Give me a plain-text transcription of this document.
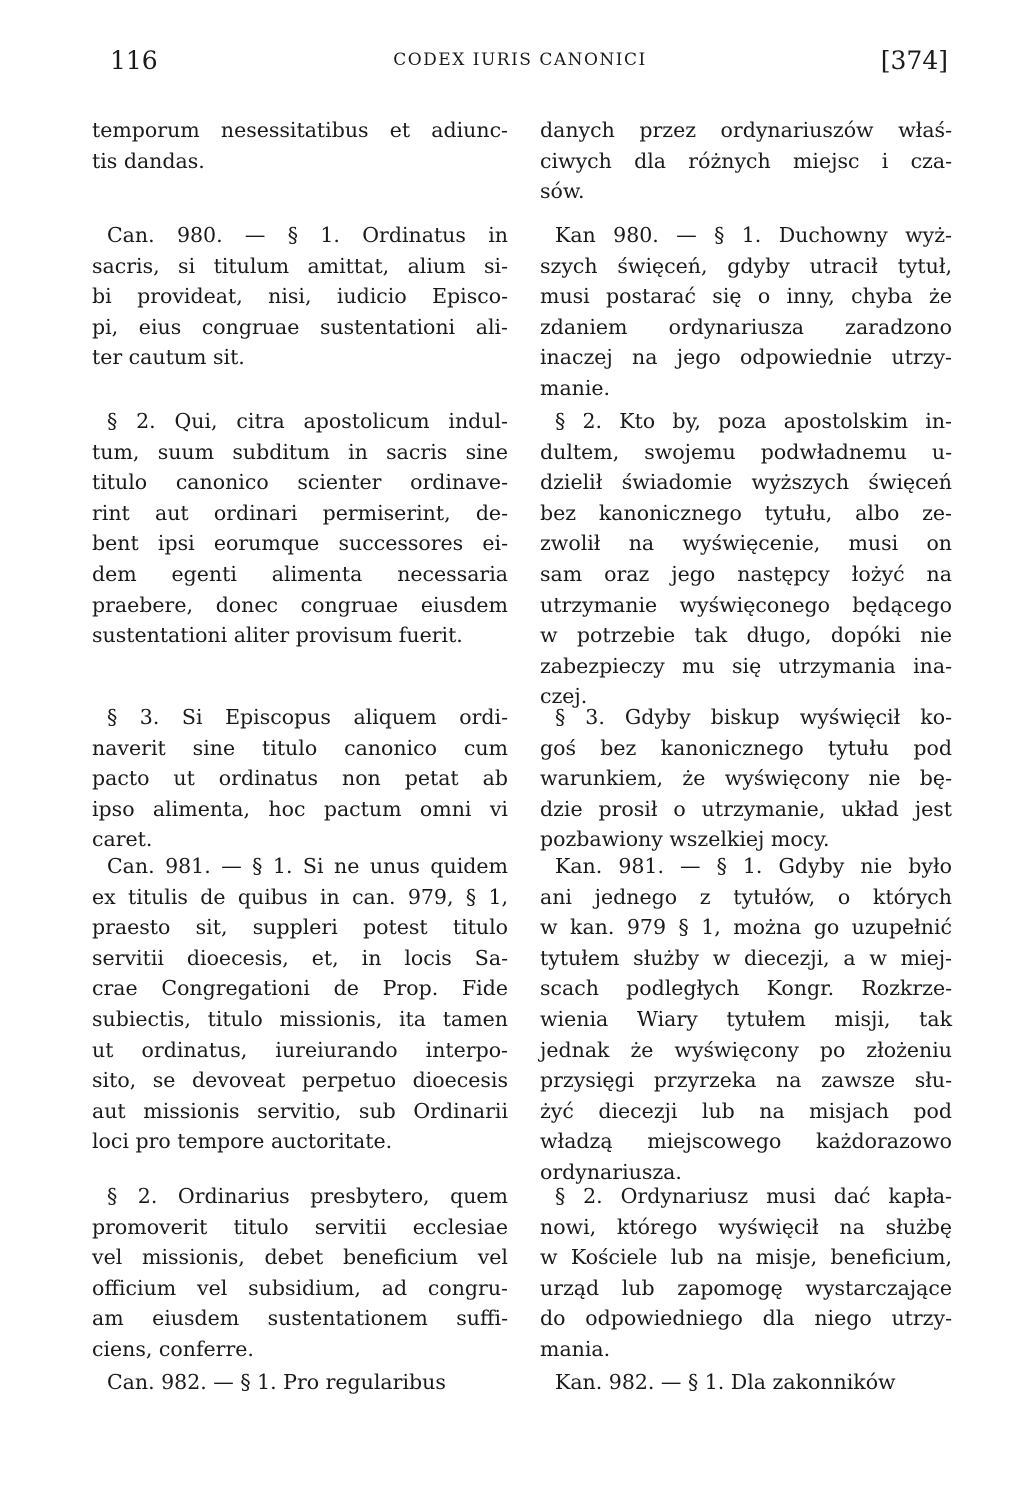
116	CODEX IURIS CANONICI	[374]
temporum nesessitatibus et adiunc-
tis dandas.
Can. 980. — § 1. Ordinatus in
sacris, si titulum amittat, alium si-
bi provideat, nisi, iudicio Episco-
pi, eius congruae sustentationi ali-
ter cautum sit.
§ 2. Qui, citra apostolicum indul-
tum, suum subditum in sacris sine
titulo canonico scienter ordinave-
rint aut ordinari permiserint, de-
bent ipsi eorumque successores ei-
dem egenti alimenta necessaria
praebere, donec congruae eiusdem
sustentationi aliter provisum fuerit.
§ 3. Si Episcopus aliquem ordi-
naverit sine titulo canonico cum
pacto ut ordinatus non petat ab
ipso alimenta, hoc pactum omni vi
caret.
Can. 981. — § 1. Si ne unus quidem
ex titulis de quibus in can. 979, § 1,
praesto sit, suppleri potest titulo
servitii dioecesis, et, in locis Sa-
crae Congregationi de Prop. Fide
subiectis, titulo missionis, ita tamen
ut ordinatus, iureiurando interpo-
sito, se devoveat perpetuo dioecesis
aut missionis servitio, sub Ordinarii
loci pro tempore auctoritate.
§ 2. Ordinarius presbytero, quem
promoverit titulo servitii ecclesiae
vel missionis, debet beneficium vel
officium vel subsidium, ad congru-
am eiusdem sustentationem suffi-
ciens, conferre.
Can. 982. — § 1. Pro regularibus
danych przez ordynariuszów właś-
ciwych dla różnych miejsc i cza-
sów.
Kan 980. — § 1. Duchowny wyż-
szych święceń, gdyby utracił tytuł,
musi postarać się o inny, chyba że
zdaniem ordynariusza zaradzono
inaczej na jego odpowiednie utrzy-
manie.
§ 2. Kto by, poza apostolskim in-
dultem, swojemu podwładnemu u-
dzielił świadomie wyższych święceń
bez kanonicznego tytułu, albo ze-
zwolił na wyświęcenie, musi on
sam oraz jego następcy łożyć na
utrzymanie wyświęconego będącego
w potrzebie tak długo, dopóki nie
zabezpieczy mu się utrzymania ina-
czej.
§ 3. Gdyby biskup wyświęcił ko-
goś bez kanonicznego tytułu pod
warunkiem, że wyświęcony nie bę-
dzie prosił o utrzymanie, układ jest
pozbawiony wszelkiej mocy.
Kan. 981. — § 1. Gdyby nie było
ani jednego z tytułów, o których
w kan. 979 § 1, można go uzupełnić
tytułem służby w diecezji, a w miej-
scach podległych Kongr. Rozkrze-
wienia Wiary tytułem misji, tak
jednak że wyświęcony po złożeniu
przysięgi przyrzeka na zawsze słu-
żyć diecezji lub na misjach pod
władzą miejscowego każdorazowo
ordynariusza.
§ 2. Ordynariusz musi dać kapła-
nowi, którego wyświęcił na służbę
w Kościele lub na misje, beneficium,
urząd lub zapomogę wystarczające
do odpowiedniego dla niego utrzy-
mania.
Kan. 982. — § 1. Dla zakonników
